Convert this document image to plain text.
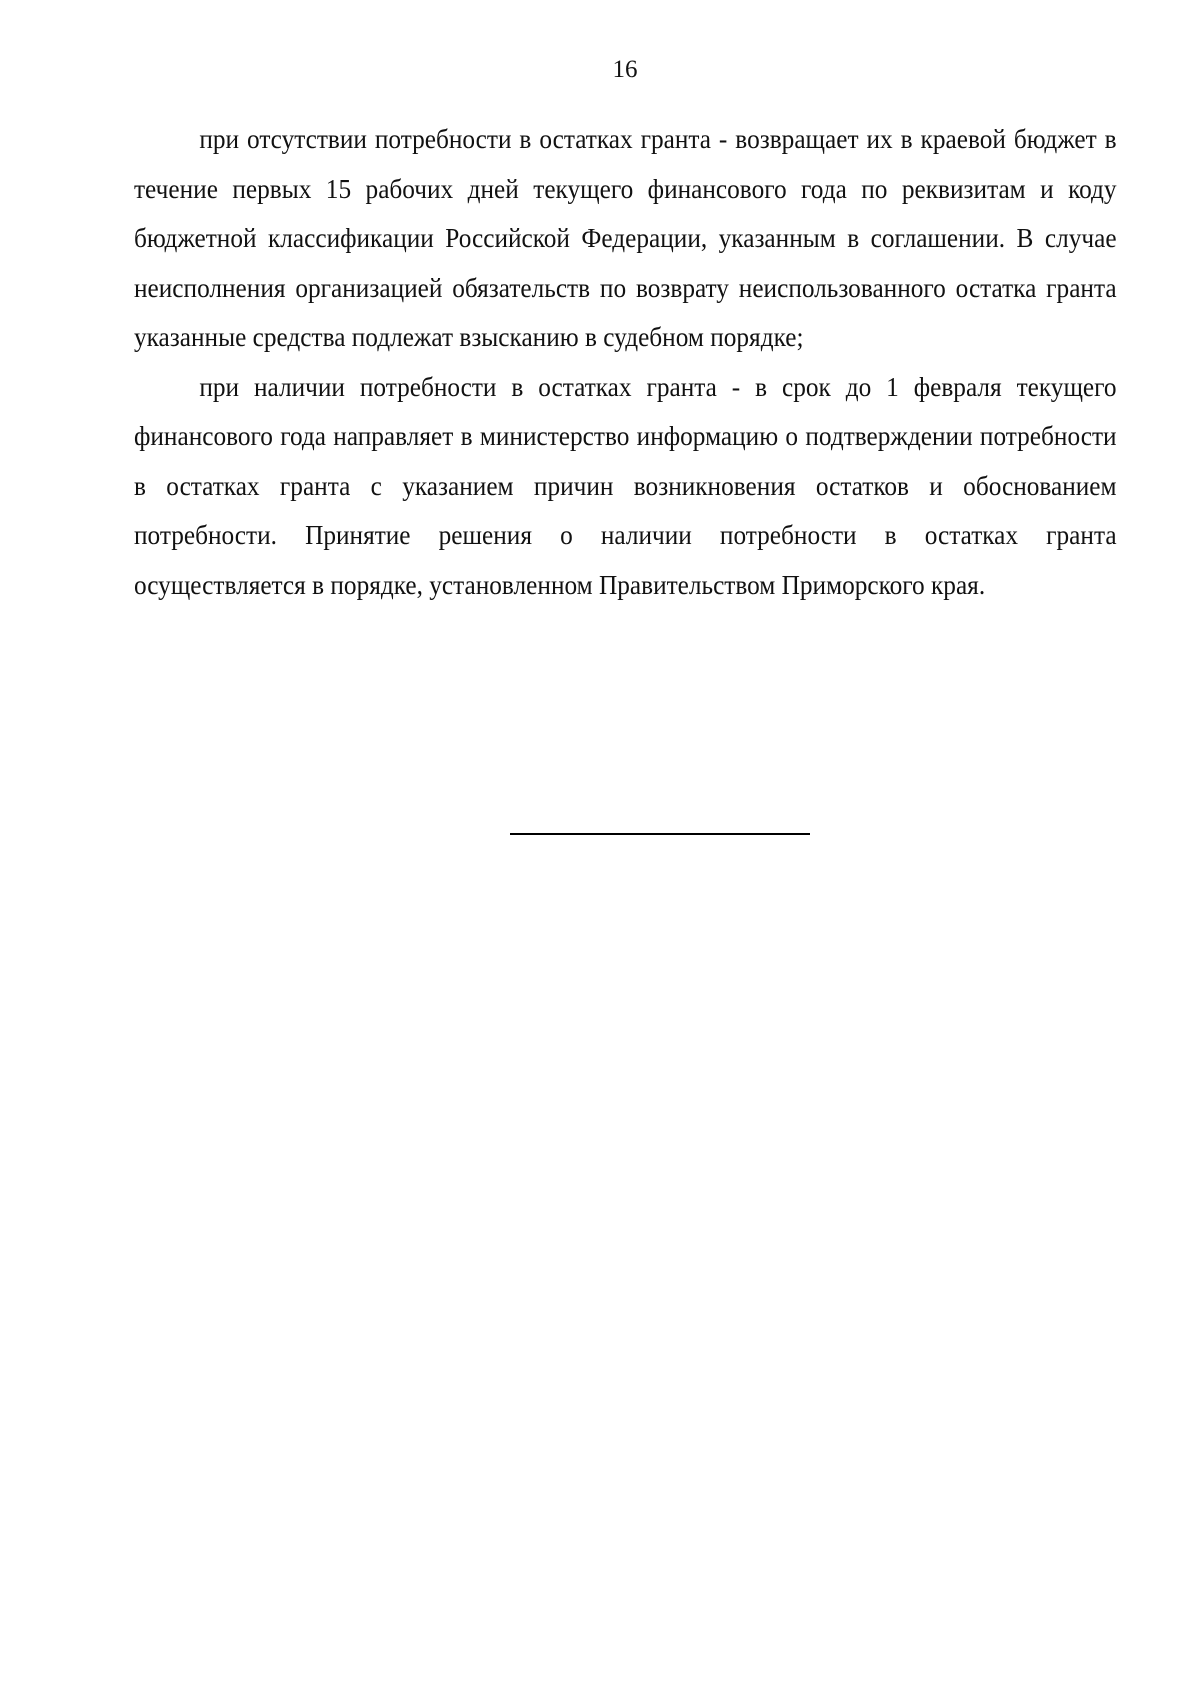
16

при отсутствии потребности в остатках гранта - возвращает их в краевой бюджет в течение первых 15 рабочих дней текущего финансового года по реквизитам и коду бюджетной классификации Российской Федерации, указанным в соглашении. В случае неисполнения организацией обязательств по возврату неиспользованного остатка гранта указанные средства подлежат взысканию в судебном порядке;

при наличии потребности в остатках гранта - в срок до 1 февраля текущего финансового года направляет в министерство информацию о подтверждении потребности в остатках гранта с указанием причин возникновения остатков и обоснованием потребности. Принятие решения о наличии потребности в остатках гранта осуществляется в порядке, установленном Правительством Приморского края.
